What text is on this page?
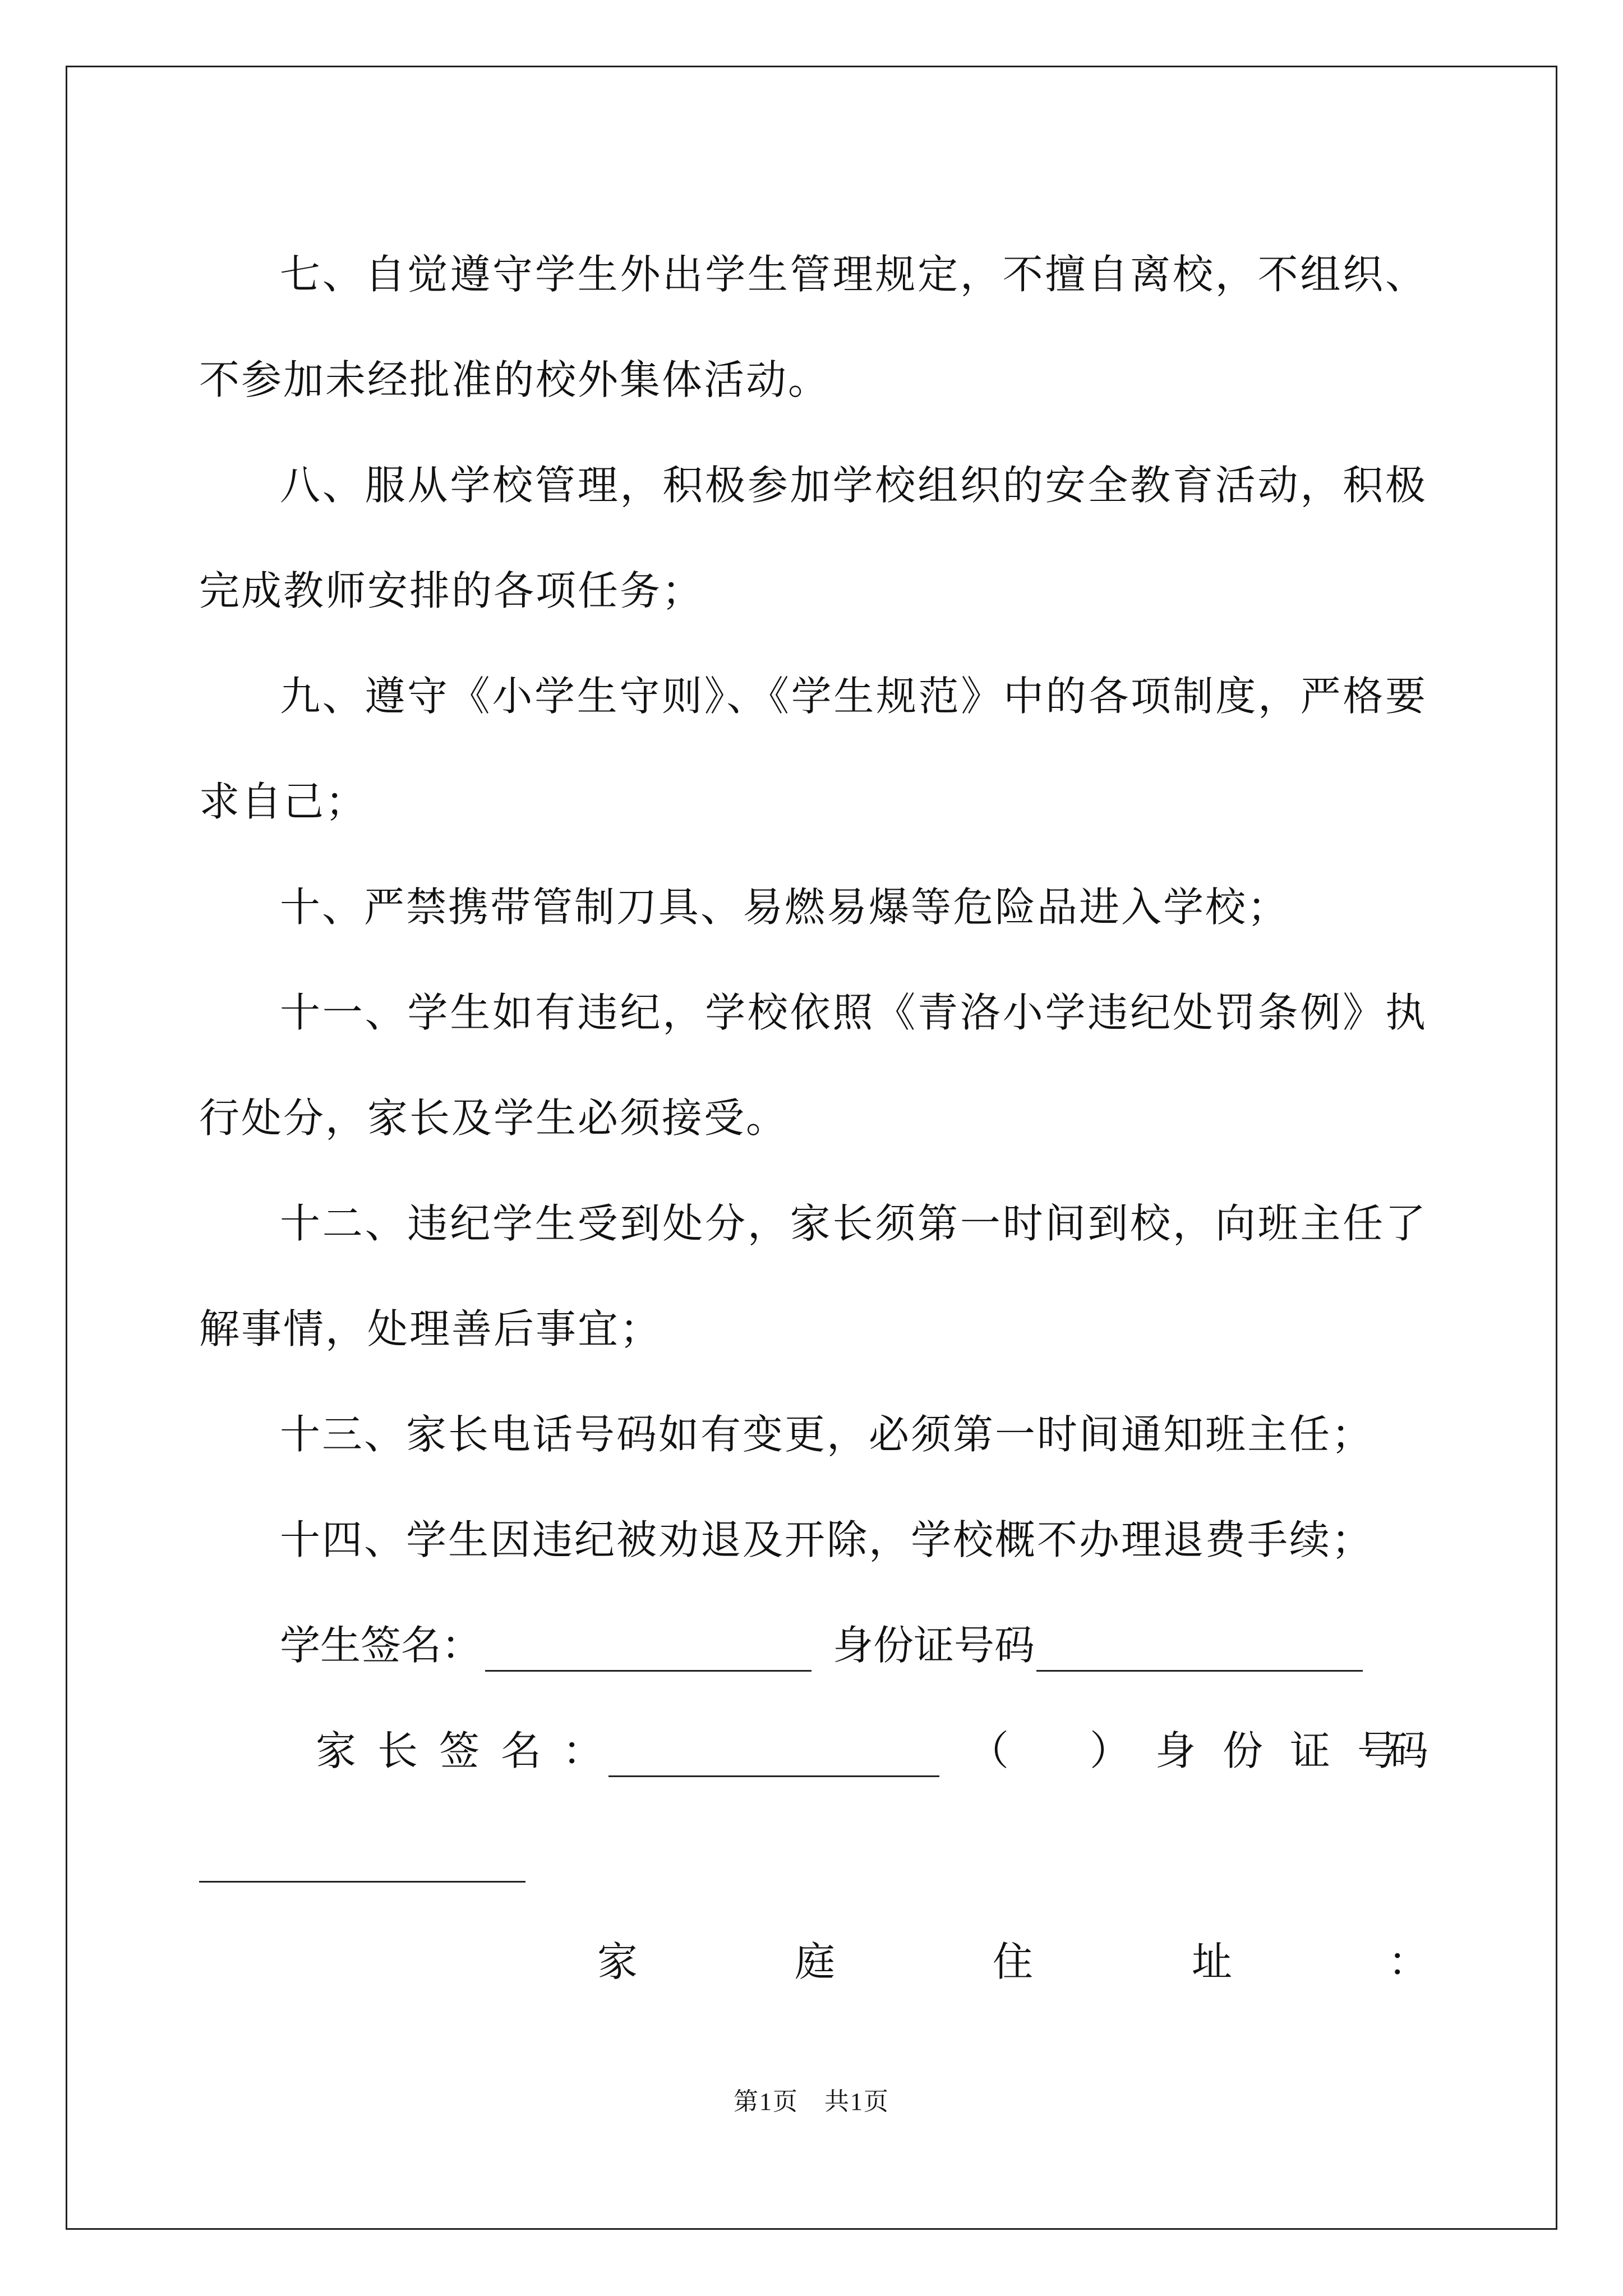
七、自觉遵守学生外出学生管理规定，不擅自离校，不组织、不参加未经批准的校外集体活动。

八、服从学校管理，积极参加学校组织的安全教育活动，积极完成教师安排的各项任务；

九、遵守《小学生守则》、《学生规范》中的各项制度，严格要求自己；

十、严禁携带管制刀具、易燃易爆等危险品进入学校；

十一、学生如有违纪，学校依照《青洛小学违纪处罚条例》执行处分，家长及学生必须接受。

十二、违纪学生受到处分，家长须第一时间到校，向班主任了解事情，处理善后事宜；

十三、家长电话号码如有变更，必须第一时间通知班主任；

十四、学生因违纪被劝退及开除，学校概不办理退费手续；

学生签名：	身份证号码
家 长 签 名 ：	（　　） 身 份 证 号
码
家	庭	住	址	：
第1页　共1页
